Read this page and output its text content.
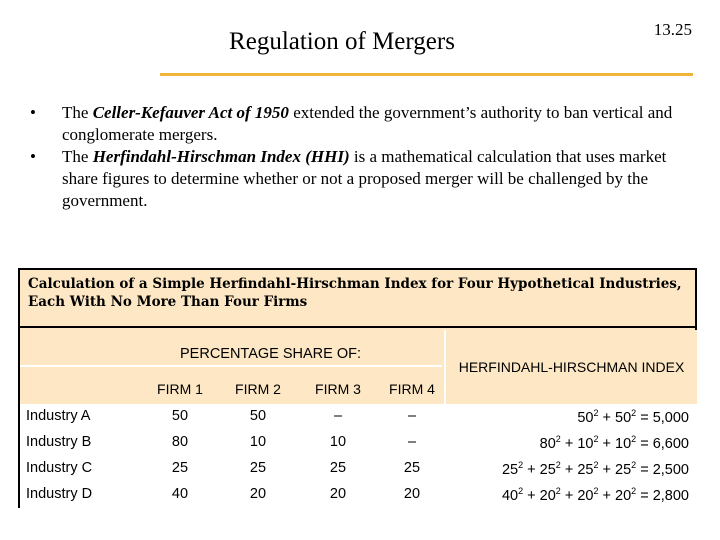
Regulation of Mergers	13.25
•	The Celler-Kefauver Act of 1950 extended the government’s authority to ban vertical and conglomerate mergers.
•	The Herfindahl-Hirschman Index (HHI) is a mathematical calculation that uses market share figures to determine whether or not a proposed merger will be challenged by the government.
Calculation of a Simple Herfindahl-Hirschman Index for Four Hypothetical Industries, Each With No More Than Four Firms
PERCENTAGE SHARE OF:
FIRM 1	FIRM 2	FIRM 3	FIRM 4
HERFINDAHL-HIRSCHMAN INDEX
Industry A	50	50	–	–	$50^2 + 50^2 = 5,000$
Industry B	80	10	10	–	$80^2 + 10^2 + 10^2 = 6,600$
Industry C	25	25	25	25	$25^2 + 25^2 + 25^2 + 25^2 = 2,500$
Industry D	40	20	20	20	$40^2 + 20^2 + 20^2 + 20^2 = 2,800$
